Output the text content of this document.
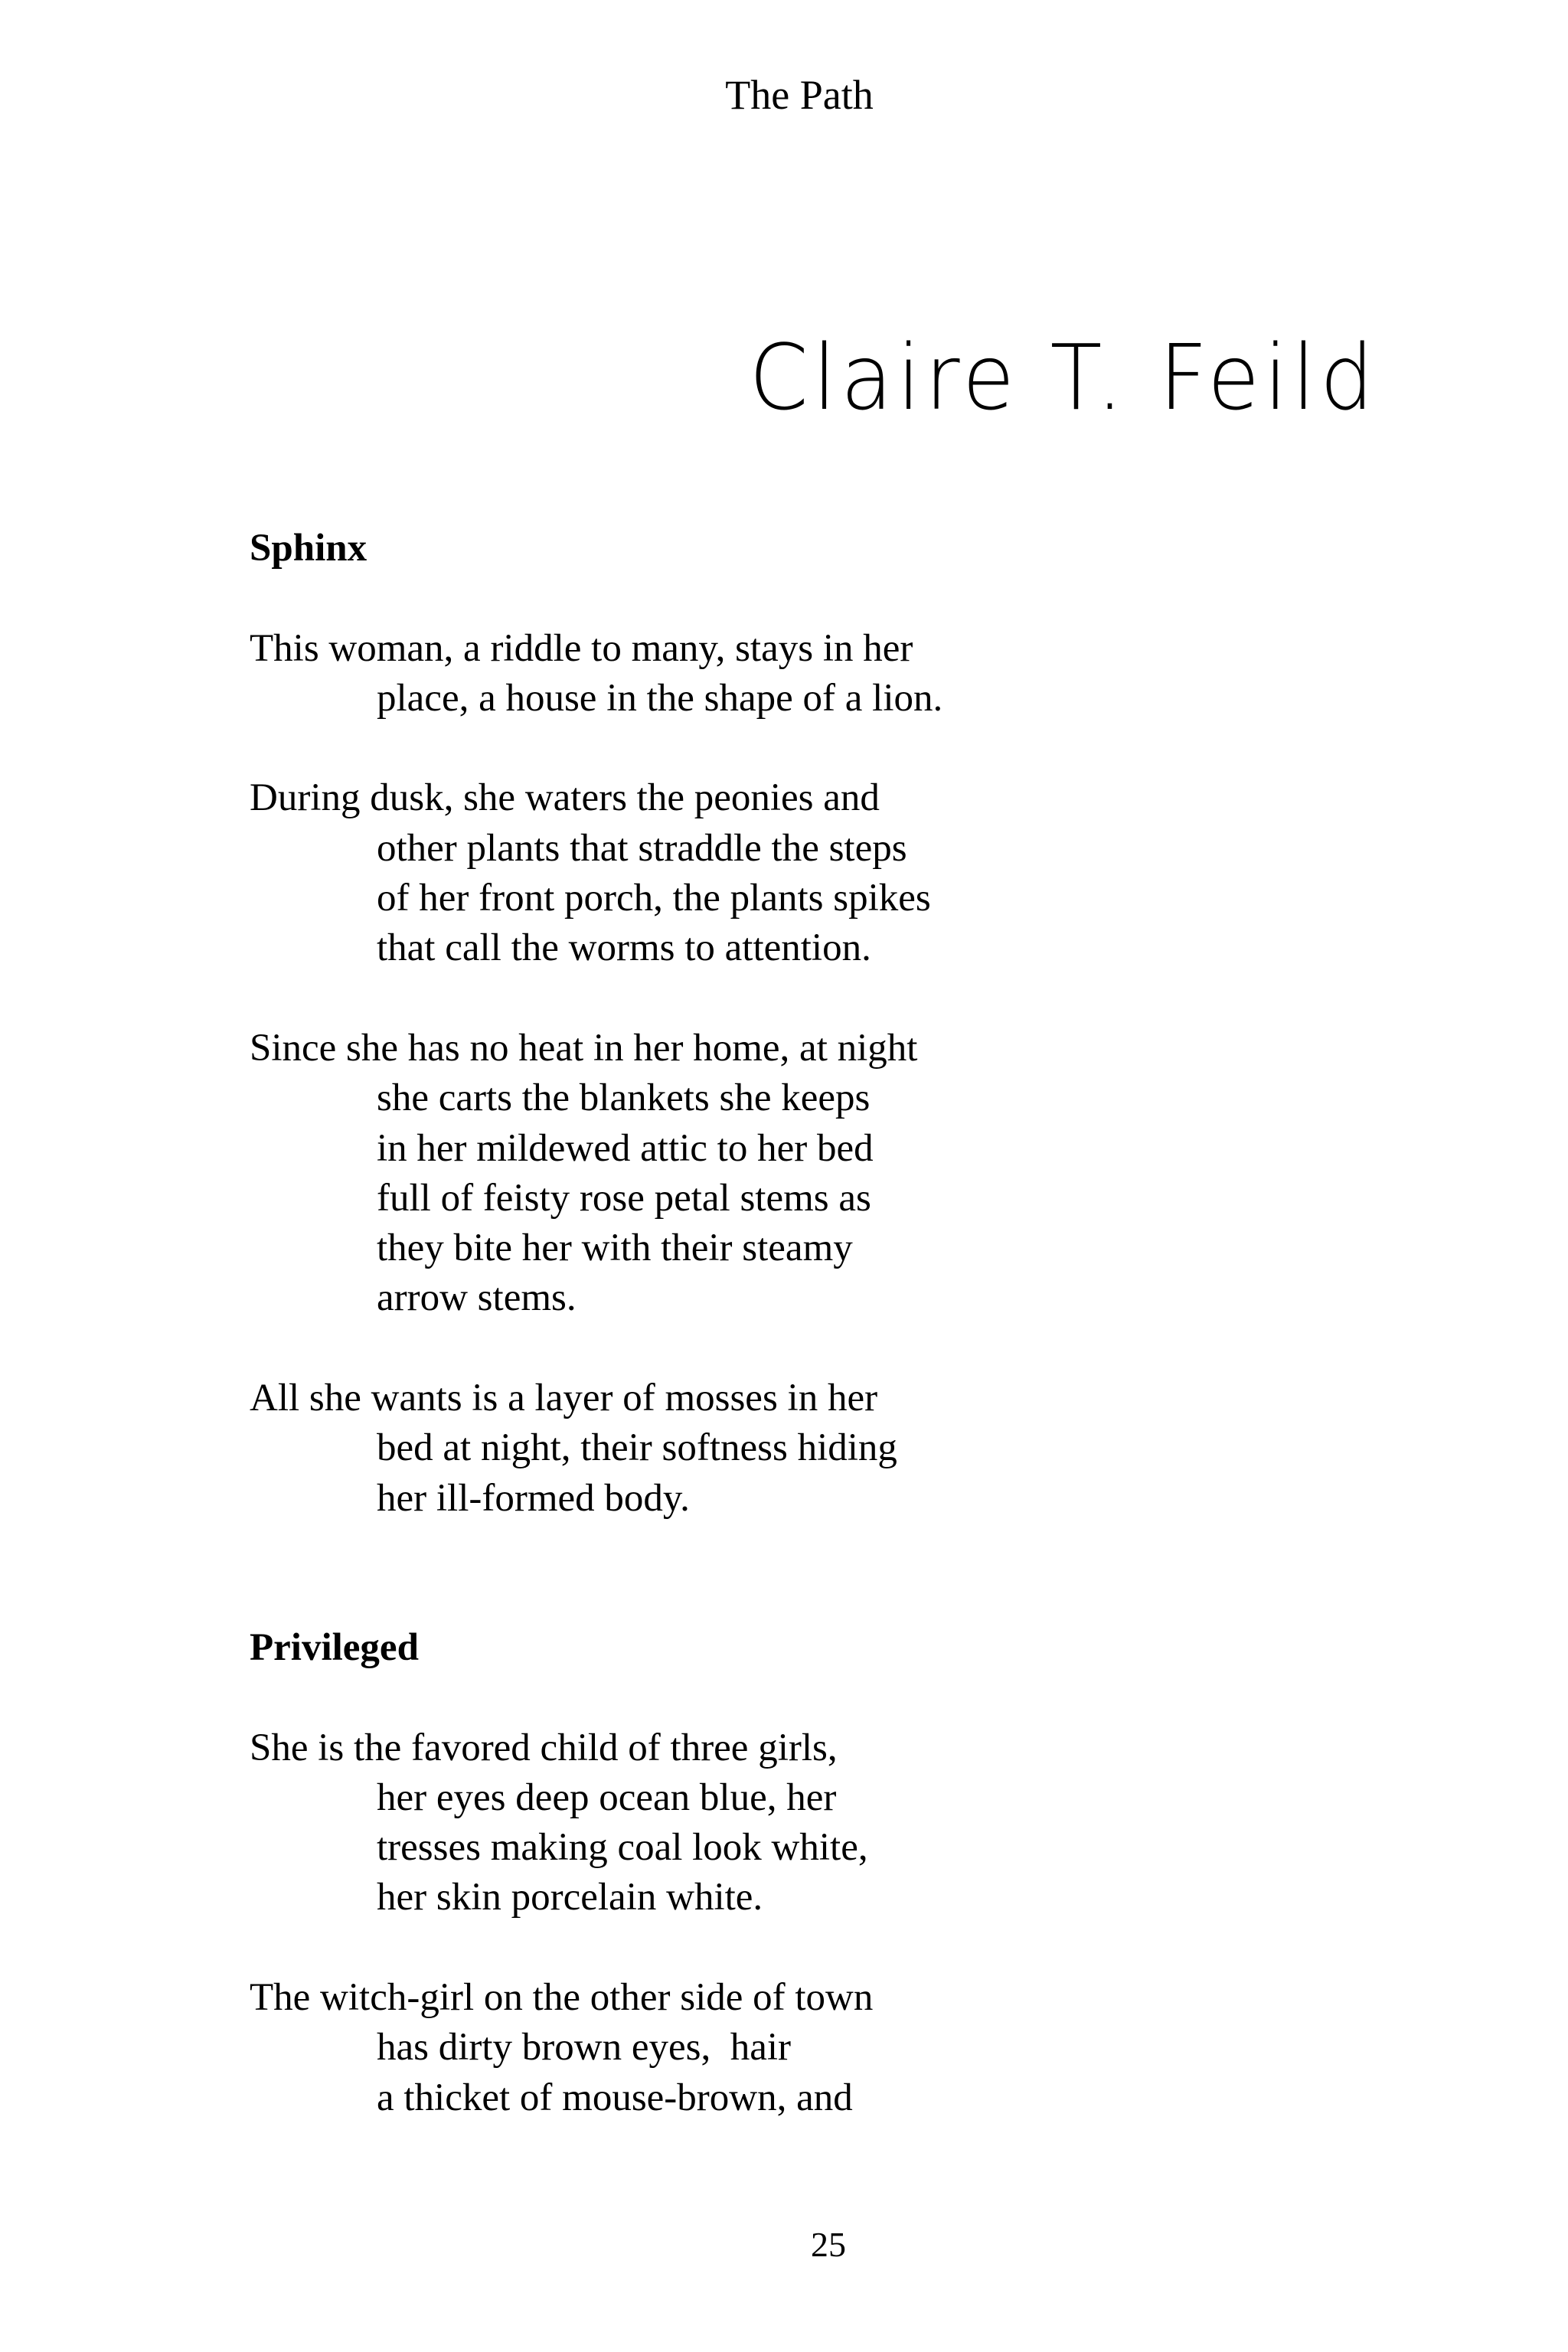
The Path
Claire T. Feild
Sphinx
This woman, a riddle to many, stays in her
place, a house in the shape of a lion.
During dusk, she waters the peonies and
other plants that straddle the steps
of her front porch, the plants spikes
that call the worms to attention.
Since she has no heat in her home, at night
she carts the blankets she keeps
in her mildewed attic to her bed
full of feisty rose petal stems as
they bite her with their steamy
arrow stems.
All she wants is a layer of mosses in her
bed at night, their softness hiding
her ill-formed body.
Privileged
She is the favored child of three girls,
her eyes deep ocean blue, her
tresses making coal look white,
her skin porcelain white.
The witch-girl on the other side of town
has dirty brown eyes,  hair
a thicket of mouse-brown, and
25
